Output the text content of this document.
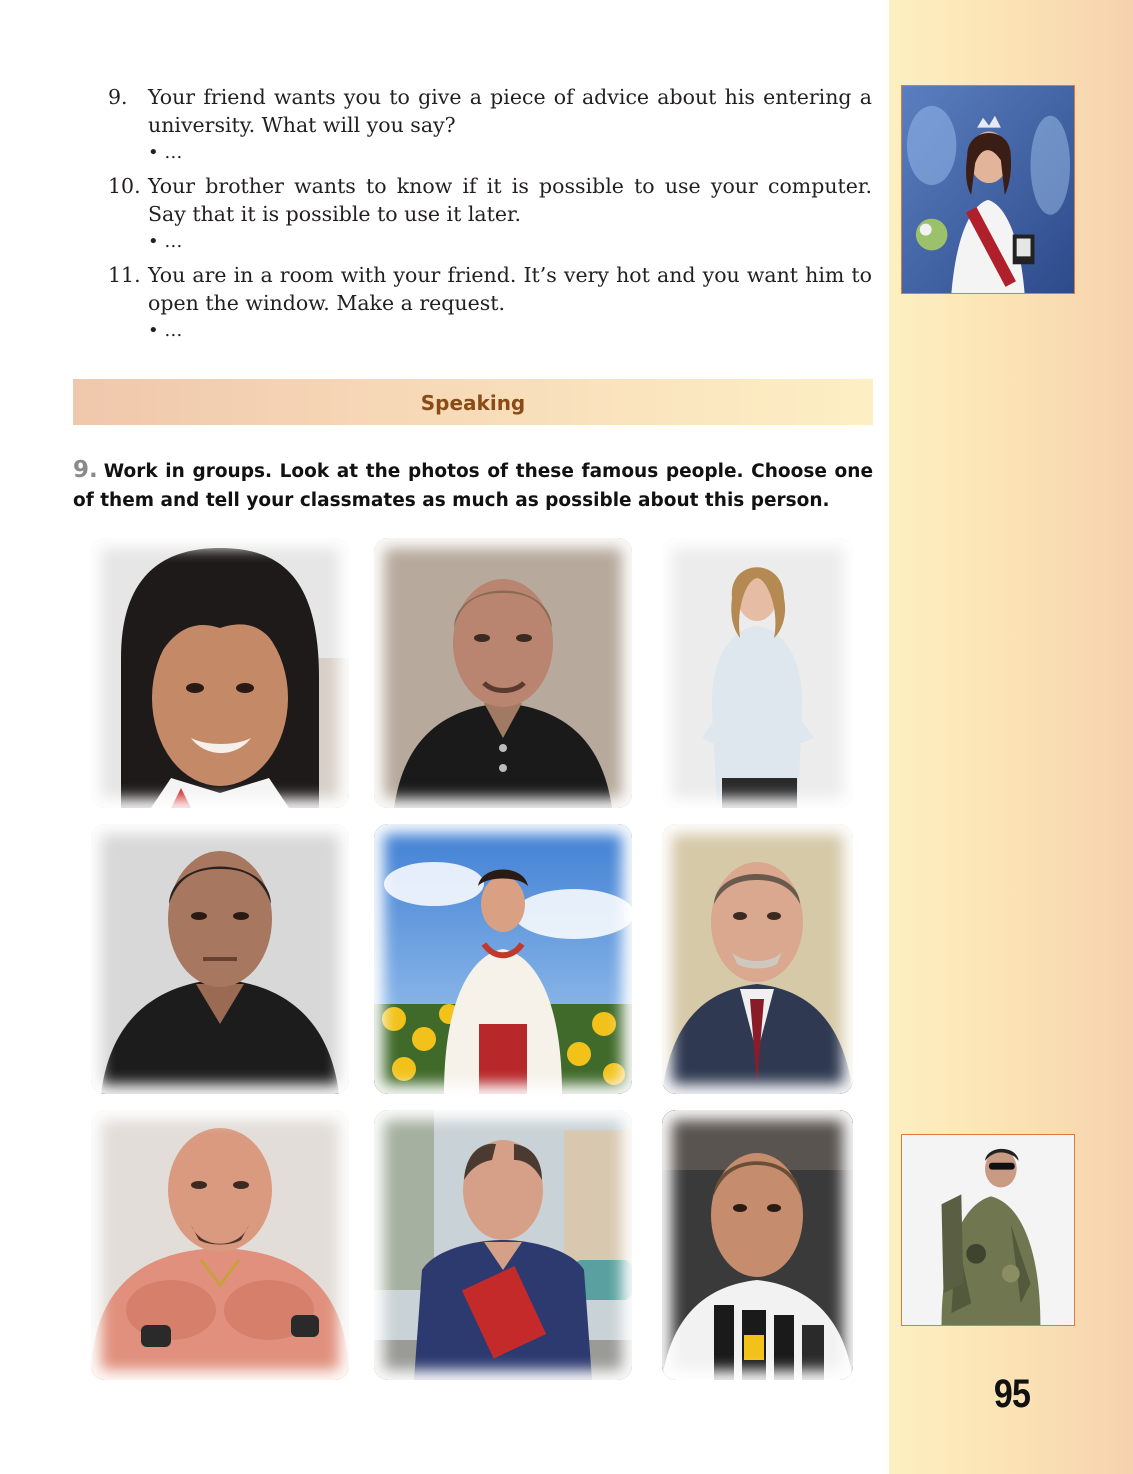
95
9. Your friend wants you to give a piece of advice about his entering a university. What will you say?
• …
10. Your brother wants to know if it is possible to use your computer. Say that it is possible to use it later.
• …
11. You are in a room with your friend. It’s very hot and you want him to open the window. Make a request.
• …
Speaking
9. Work in groups. Look at the photos of these famous people. Choose one of them and tell your classmates as much as possible about this person.
